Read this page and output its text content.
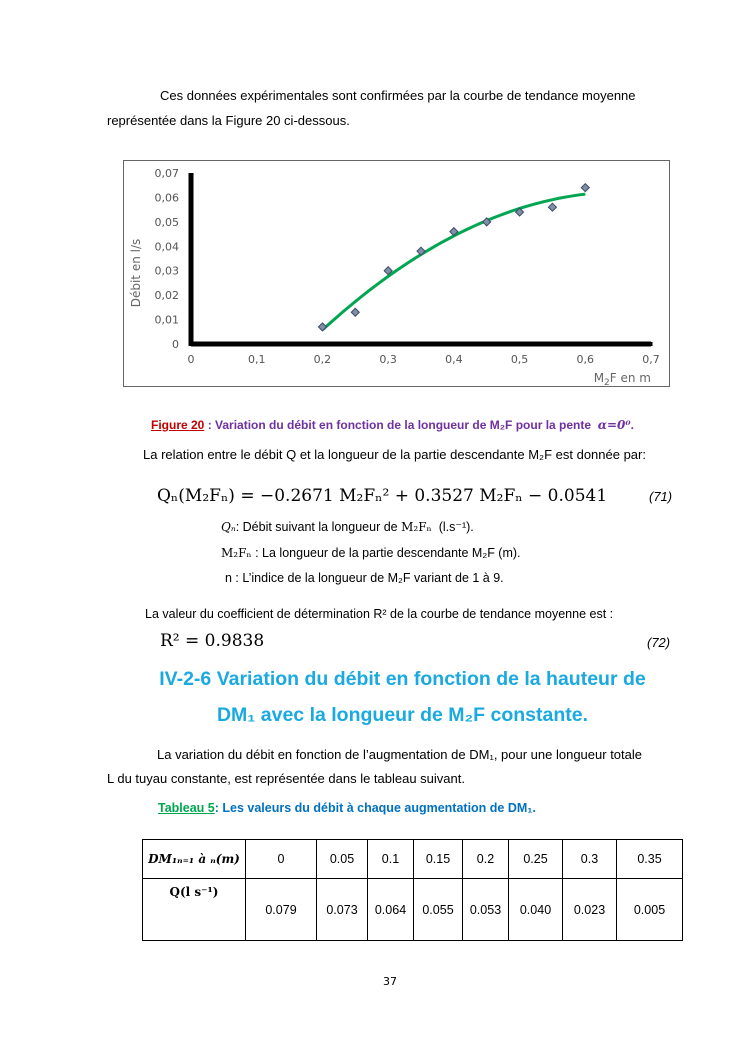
Ces données expérimentales sont confirmées par la courbe de tendance moyenne
représentée dans la Figure 20 ci-dessous.
Débit en l/s
$M_2F$ en m
0	0,1	0,2	0,3	0,4	0,5	0,6	0,7
0
0,01
0,02
0,03
0,04
0,05
0,06
0,07
Figure 20 : Variation du débit en fonction de la longueur de M₂F pour la pente α=0⁰.
La relation entre le débit Q et la longueur de la partie descendante M₂F est donnée par:
Qₙ(M₂Fₙ) = −0.2671 M₂Fₙ² + 0.3527 M₂Fₙ − 0.0541	(71)
Qₙ: Débit suivant la longueur de M₂Fₙ (l.s⁻¹).
M₂Fₙ : La longueur de la partie descendante M₂F (m).
n : L’indice de la longueur de M₂F variant de 1 à 9.
La valeur du coefficient de détermination R² de la courbe de tendance moyenne est :
R² = 0.9838	(72)
IV-2-6 Variation du débit en fonction de la hauteur de
DM₁ avec la longueur de M₂F constante.
La variation du débit en fonction de l’augmentation de DM₁, pour une longueur totale
L du tuyau constante, est représentée dans le tableau suivant.
Tableau 5: Les valeurs du débit à chaque augmentation de DM₁.
DM₁ₙ₌₁ à ₙ(m)	0	0.05	0.1	0.15	0.2	0.25	0.3	0.35
Q(l s⁻¹)	0.079	0.073	0.064	0.055	0.053	0.040	0.023	0.005
37
